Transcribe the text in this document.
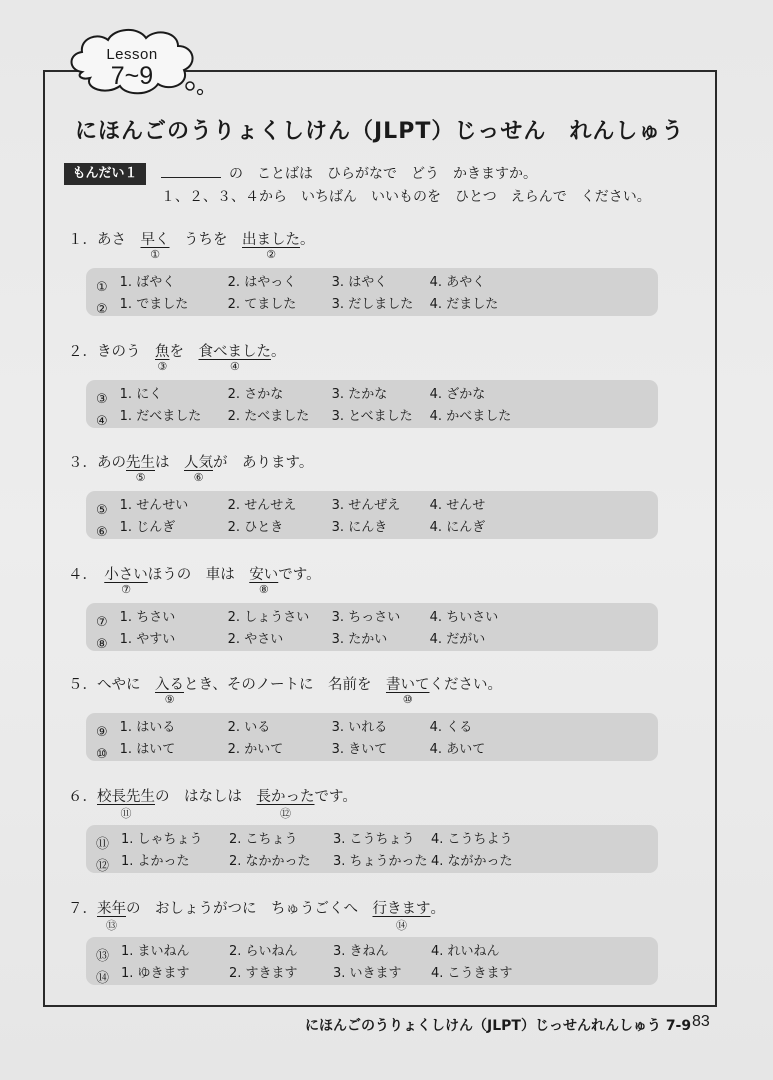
Lesson
7~9
にほんごのうりょくしけん（JLPT）じっせん　れんしゅう
もんだい１	の　ことばは　ひらがなで　どう　かきますか。
１、２、３、４から　いちばん　いいものを　ひとつ　えらんで　ください。
１．あさ　早く
①
　うちを　出ました
②
。
① 1. ばやく	2. はやっく	3. はやく	4. あやく
② 1. でました	2. てました	3. だしました 4. だました
２．きのう　魚
③
を　食べました
④
。
③ 1. にく	2. さかな	3. たかな	4. ざかな
④ 1. だべました 2. たべました 3. とべました 4. かべました
３．あの先生
⑤
は　人気
⑥
が　あります。
⑤ 1. せんせい	2. せんせえ	3. せんぜえ 4. せんせ
⑥ 1. じんぎ	2. ひとき	3. にんき	4. にんぎ
４．　小さい
⑦
ほうの　車は　安い
⑧
です。
⑦ 1. ちさい	2. しょうさい 3. ちっさい 4. ちいさい
⑧ 1. やすい	2. やさい	3. たかい	4. だがい
５．へやに　入る
⑨
とき、そのノートに　名前を　書いて
⑩
ください。
⑨ 1. はいる	2. いる	3. いれる	4. くる
⑩ 1. はいて	2. かいて	3. きいて	4. あいて
６．校長先生
⑪
の　はなしは　長かった
⑫
です。
⑪ 1. しゃちょう 2. こちょう	3. こうちょう 4. こうちよう
⑫ 1. よかった	2. なかかった 3. ちょうかった 4. ながかった
７．来年
⑬
の　おしょうがつに　ちゅうごくへ　行きます
⑭
。
⑬ 1. まいねん	2. らいねん	3. きねん	4. れいねん
⑭ 1. ゆきます	2. すきます	3. いきます 4. こうきます
にほんごのうりょくしけん（JLPT）じっせんれんしゅう 7-9 83
